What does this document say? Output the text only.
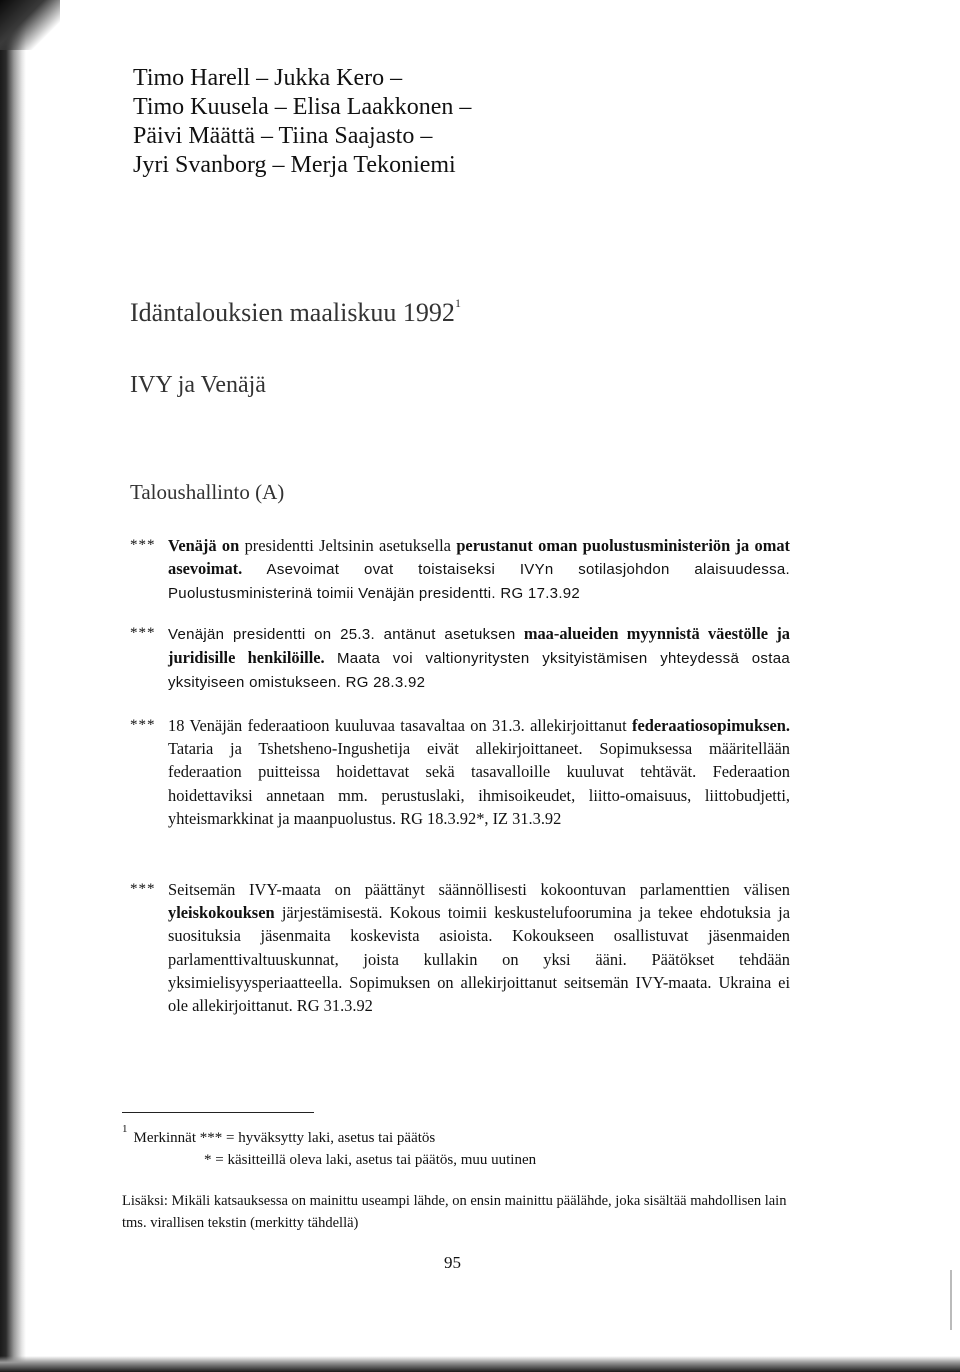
Timo Harell – Jukka Kero –
Timo Kuusela – Elisa Laakkonen –
Päivi Määttä – Tiina Saajasto –
Jyri Svanborg – Merja Tekoniemi
Idäntalouksien maaliskuu 1992$^1$
IVY ja Venäjä
Taloushallinto (A)
*** Venäjä on presidentti Jeltsinin asetuksella perustanut oman puolustusministeriön ja omat asevoimat. Asevoimat ovat toistaiseksi IVYn sotilasjohdon alaisuudessa. Puolustusministerinä toimii Venäjän presidentti. RG 17.3.92
*** Venäjän presidentti on 25.3. antänut asetuksen maa-alueiden myynnistä väestölle ja juridisille henkilöille. Maata voi valtionyritysten yksityistämisen yhteydessä ostaa yksityiseen omistukseen. RG 28.3.92
*** 18 Venäjän federaatioon kuuluvaa tasavaltaa on 31.3. allekirjoittanut federaatiosopimuksen. Tataria ja Tshetsheno-Ingushetija eivät allekirjoittaneet. Sopimuksessa määritellään federaation puitteissa hoidettavat sekä tasavalloille kuuluvat tehtävät. Federaation hoidettaviksi annetaan mm. perustuslaki, ihmisoikeudet, liitto-omaisuus, liittobudjetti, yhteismarkkinat ja maanpuolustus. RG 18.3.92*, IZ 31.3.92
*** Seitsemän IVY-maata on päättänyt säännöllisesti kokoontuvan parlamenttien välisen yleiskokouksen järjestämisestä. Kokous toimii keskustelufoorumina ja tekee ehdotuksia ja suosituksia jäsenmaita koskevista asioista. Kokoukseen osallistuvat jäsenmaiden parlamenttivaltuuskunnat, joista kullakin on yksi ääni. Päätökset tehdään yksimielisyysperiaatteella. Sopimuksen on allekirjoittanut seitsemän IVY-maata. Ukraina ei ole allekirjoittanut. RG 31.3.92
$^1$Merkinnät *** = hyväksytty laki, asetus tai päätös
* = käsitteillä oleva laki, asetus tai päätös, muu uutinen
Lisäksi: Mikäli katsauksessa on mainittu useampi lähde, on ensin mainittu päälähde, joka sisältää mahdollisen lain tms. virallisen tekstin (merkitty tähdellä)
95
